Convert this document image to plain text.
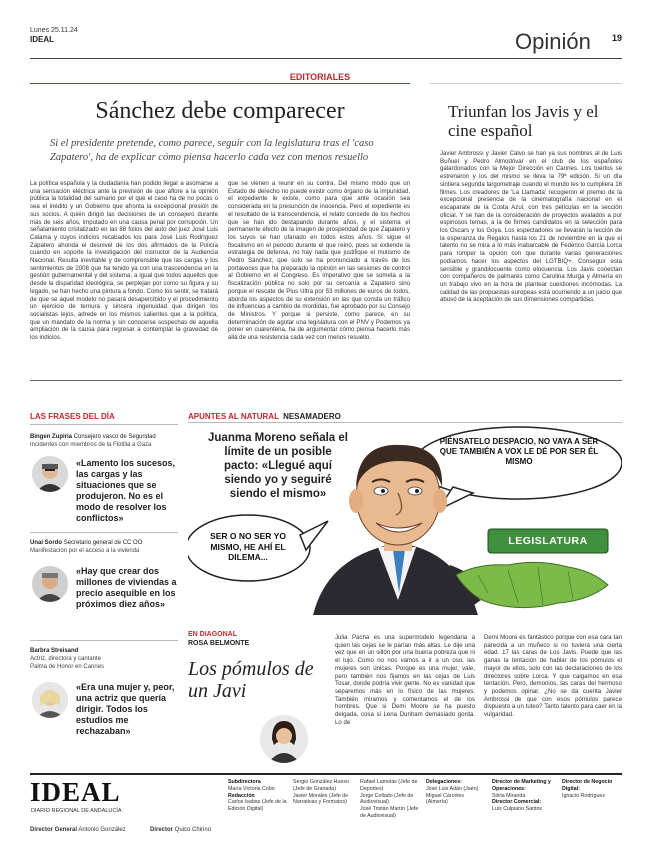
Lunes 25.11.24
IDEAL	Opinión 19
EDITORIALES
Sánchez debe comparecer

Si el presidente pretende, como parece, seguir con la legislatura tras el 'caso Zapatero', ha de explicar cómo piensa hacerlo cada vez con menos resuello

La política española y la ciudadanía han podido llegar a asomarse a una sensación eléctrica ante la previsión de que aflore a la opinión pública la totalidad del sumario por el que el caso ha de no pocas o sea el inédito y un Gobierno que afronta la excepcional presión de sus socios. A quién dirigió las decisiones de un consejero durante más de seis años, imputado en una causa penal por corrupción. Un señalamiento cristalizado en las 88 folios del auto del juez José Luis Calama y cuyos indicios recabados los para José Luis Rodríguez Zapatero ahonda el desnivel de los dos afirmados de la Policía cuando en soporte la investigación del instructor de la Audiencia Nacional. Resulta inevitable y de comprensible que las cargas y los sentimientos de 2008 que ha tenido ya con una trascendencia en la gestión gubernamental y del sistema; a igual que todos aquellos que desde la disparidad ideológica, se perplejan por como su figura y su legado, se han hecho una pintura a fondo. Como los sentir, se tratará de que se aquel modelo no pasará desapercibido y el procedimiento un ejercicio de ternura y sincera ingenuidad que dirigen los socialistas lejos, adrede en los mismos salientes que a la política, que un mandato de la norma y sin conocerse sospechas de aquella ampliación de la causa para regresar a contemplar la gravedad de los indicios.

que se vienen a reunir en su contra. Del mismo modo que un Estado de derecho no puede existir como órgano de la impunidad, el expediente le existe, como para que ante ocasión sea considerada en la presunción de inocencia. Pero el expediente es el resultado de la transcendencia, el relato concede de los hechos que se han ido destapando durante años, y el sistema el permanente efecto de la imagen de prosperidad de que Zapatero y los suyos se han ufanado en todos estos años. Sí sigue el fiscalismo en el periodo durante el que reinó, pues se extiende la estrategia de defensa, no hay nada que justifique el mutismo de Pedro Sánchez, que solo se ha pronunciado a través de los portavoces que ha preparado la opinión en las sesiones de control al Gobierno en el Congreso. Es imperativo que se someta a la fiscalización pública no solo por su cercanía a Zapatero sino porque el rescate de Plus Ultra por 53 millones de euros de todos, aborda los aspectos de su extensión en las que consta un tráfico de influencias a cambio de mordidas, fue aprobado por su Consejo de Ministros. Y porque si persiste, como parece, en su determinación de agotar una legislatura con el PNV y Podemos ya poner en cuarentena, ha de argumentar cómo piensa hacerlo más allá de una resistencia cada vez con menos resuello.

Triunfan los Javis y el cine español

Javier Ambrossi y Javier Calvo se han ya sus nombres al de Luis Buñuel y Pedro Almodóvar en el club de los españoles galardonados con la Mejor Dirección en Cannes. Los tuertos se estrenaron y los del mismo se lleva la 79ª edición. Si un día sintiera segunda largometraje cuando el mundo les lo cumpliera 16 filmes. Los creadores de 'La Llamada' recogieron el premio de la excepcional presencia de la cinematografía nacional en el escaparate de la Costa Azul, con tres películas en la sección oficial. Y se han de la consideración de proyectos avalados a por espinosos temas, a la de firmes candidatos en la selección para los Oscars y los Goya. Los espectadores se llevarán la lección de la esperanza de Regalos hasta los 21 de noviembre en la que el talento no se mira a lo más inabarcable de Federico García Lorca para romper la opción con que durante varias generaciones podíamos hacer los aspectos del LGTBIQ+. Conseguir esta sensible y grandilocuente como elocuencia. Los Javis conectan con compañeros de palmarés como Carolina Murga y Almería en un trabajo vivo en la hora de plantear cuestiones incómodas. La calidad de las propuestas europeas está ocurriendo a un juicio que abusó de la aceptación de sus dimensiones compartidas.

LAS FRASES DEL DÍA
Bingen Zupiria Consejero vasco de Seguridad
Incidentes con miembros de la Flotilla a Gaza
«Lamento los sucesos, las cargas y las situaciones que se produjeron. No es el modo de resolver los conflictos»
Unai Sordo Secretario general de CC OO
Manifestación por el acceso a la vivienda
«Hay que crear dos millones de viviendas a precio asequible en los próximos diez años»
Barbra Streisand
Actriz, directora y cantante
Palma de Honor en Cannes
«Era una mujer y, peor, una actriz que quería dirigir. Todos los estudios me rechazaban»
APUNTES AL NATURAL NESAMADERO
Juanma Moreno señala el límite de un posible pacto: «Llegué aquí siendo yo y seguiré siendo el mismo»
PIÉNSATELO DESPACIO, NO VAYA A SER QUE TAMBIÉN A VOX LE DÉ POR SER ÉL MISMO
SER O NO SER YO MISMO, HE AHÍ EL DILEMA...
LEGISLATURA
EN DIAGONAL
ROSA BELMONTE
Los pómulos de un Javi

Julia Pacha es una supermodelo legendaria a quien las cejas se le parían más altas. Le dije una vez que en un sillón por una buena pobreza que ni el lujo. Como no nos vamos a ir a un oso, las mujeres son únicas. Porque es una mujer, vale, pero también nos fijamos en las cejas de Luis Tosar, donde podría vivir gente. No es vanidad que separemos más en lo físico de las mujeres. También miramos y comentamos el de los hombres. Que si Demi Moore se ha puesto delgada, cosa si Lena Dunham demasiado gorda. Lo de

Demi Moore es fantástico porque con esa cara tan parecida a un muñeco si no tuviera una cierta edad. 17 las caras de Los Javis. Puede que las ganas la tentación de hablar de los pómulos el mayor de ellos, solo con las declaraciones de los directores sobre Lorca. Y que caigamos en esa tentación. Pero, demonios, las caras del hermoso y podemos opinar. ¿No se da cuenta Javier Ambrossi de que con esos pómulos parece dispuesto a un tuteo? Tanto talento para caer en la vulgaridad.

IDEAL
DIARIO REGIONAL DE ANDALUCÍA
Director General Antonio González	Director Quico Chirino
Subdirectora
María Victoria Cobo
Redacción
Carlos Isabas (Jefe de la Edición Digital)
Sergio González Hueso (Jefe de Granada)
Javier Morales (Jefe de Narrativas y Formatos)
Rafael Lamelas (Jefe de Deportes)
Jorge Collado (Jefe de Audiovisual)
José Tristán Martín (Jefe de Audiovisual)
Delegaciones:
José Luis Adán (Jaén)
Miguel Cárceles (Almería)
Director de Marketing y Operaciones:
Silvia Miranda
Director Comercial:
Luis Culpiano Santos
Director de Negocio Digital:
Ignacio Rodríguez
